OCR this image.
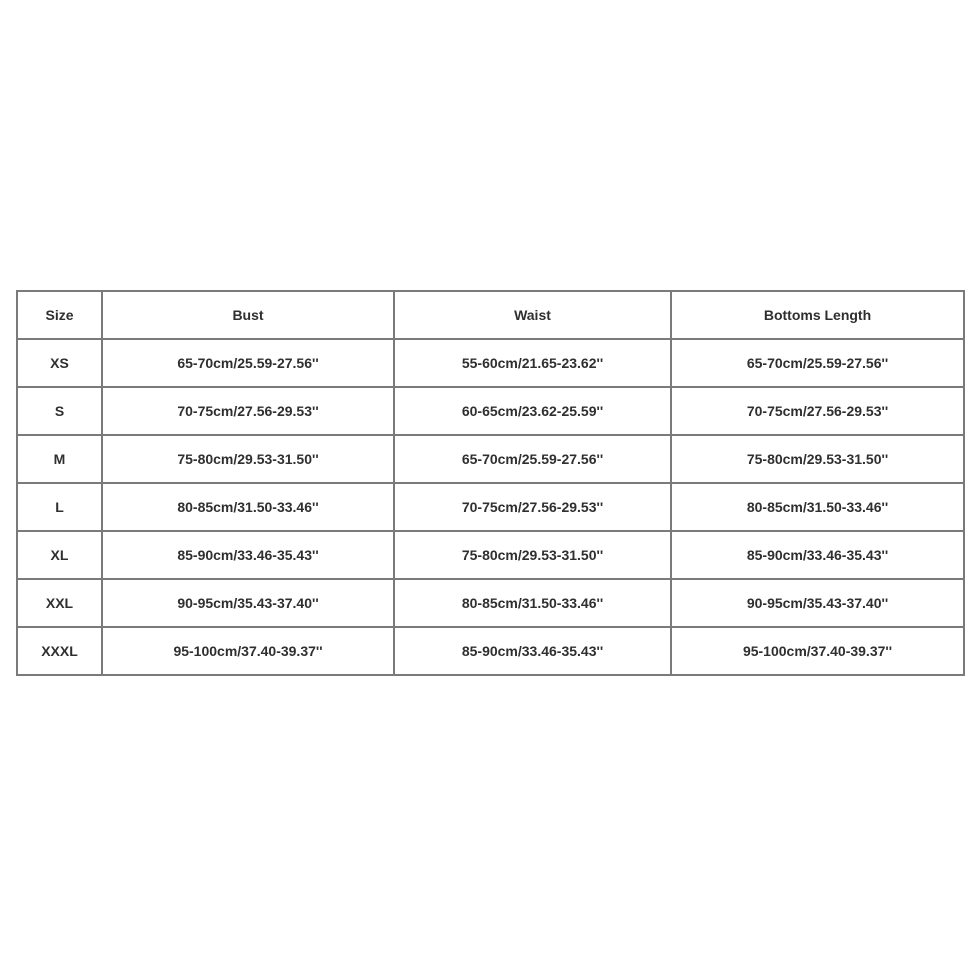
Size	Bust	Waist	Bottoms Length
XS	65-70cm/25.59-27.56''	55-60cm/21.65-23.62''	65-70cm/25.59-27.56''
S	70-75cm/27.56-29.53''	60-65cm/23.62-25.59''	70-75cm/27.56-29.53''
M	75-80cm/29.53-31.50''	65-70cm/25.59-27.56''	75-80cm/29.53-31.50''
L	80-85cm/31.50-33.46''	70-75cm/27.56-29.53''	80-85cm/31.50-33.46''
XL	85-90cm/33.46-35.43''	75-80cm/29.53-31.50''	85-90cm/33.46-35.43''
XXL	90-95cm/35.43-37.40''	80-85cm/31.50-33.46''	90-95cm/35.43-37.40''
XXXL	95-100cm/37.40-39.37''	85-90cm/33.46-35.43''	95-100cm/37.40-39.37''
